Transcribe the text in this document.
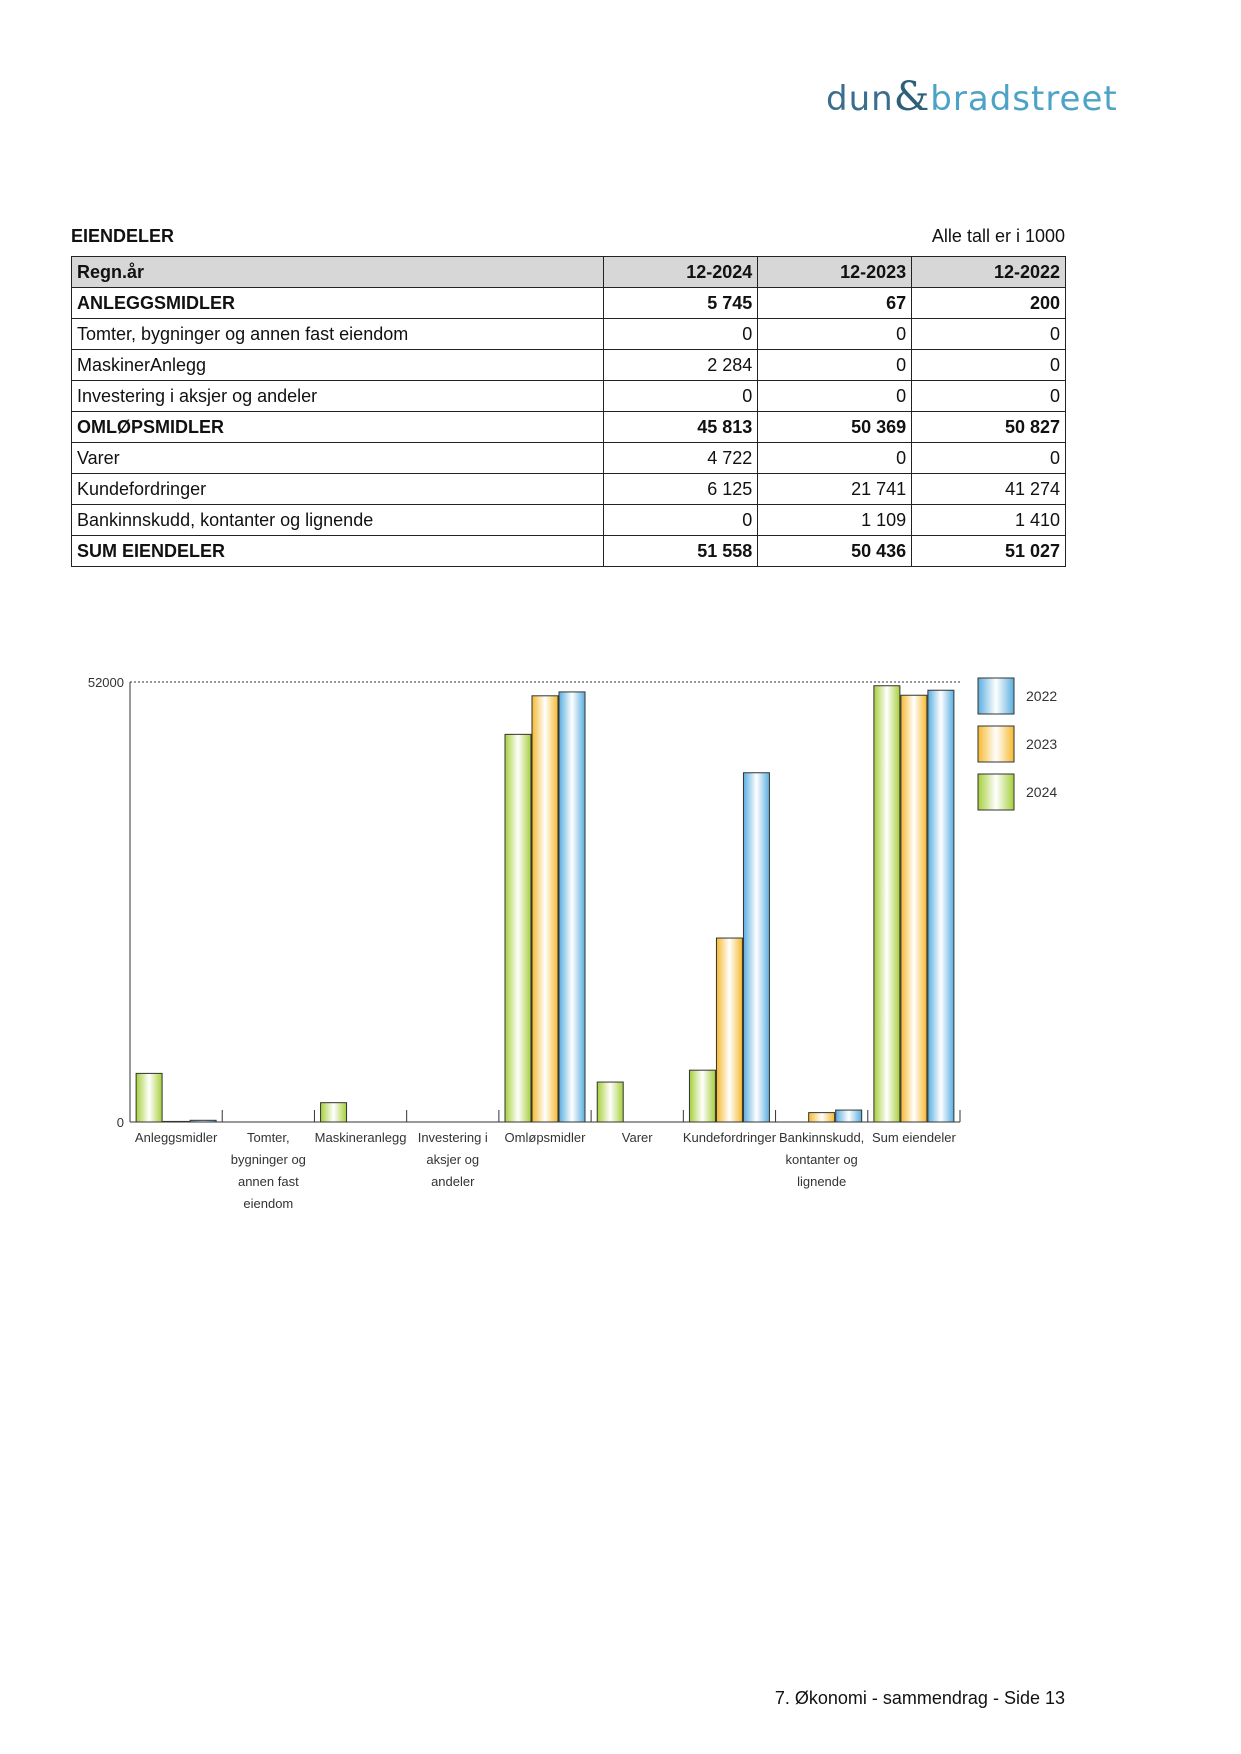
dun&bradstreet
EIENDELER	Alle tall er i 1000
Regn.år	12-2024	12-2023	12-2022
ANLEGGSMIDLER	5 745	67	200
Tomter, bygninger og annen fast eiendom	0	0	0
MaskinerAnlegg	2 284	0	0
Investering i aksjer og andeler	0	0	0
OMLØPSMIDLER	45 813	50 369	50 827
Varer	4 722	0	0
Kundefordringer	6 125	21 741	41 274
Bankinnskudd, kontanter og lignende	0	1 109	1 410
SUM EIENDELER	51 558	50 436	51 027
0
52000
Anleggsmidler Tomter,
bygninger og
annen fast
eiendom
Maskineranlegg Investering i
aksjer og
andeler
Omløpsmidler	Varer Kundefordringer Bankinnskudd,
kontanter og
lignende
Sum eiendeler
2022
2023
2024
7. Økonomi - sammendrag - Side 13
